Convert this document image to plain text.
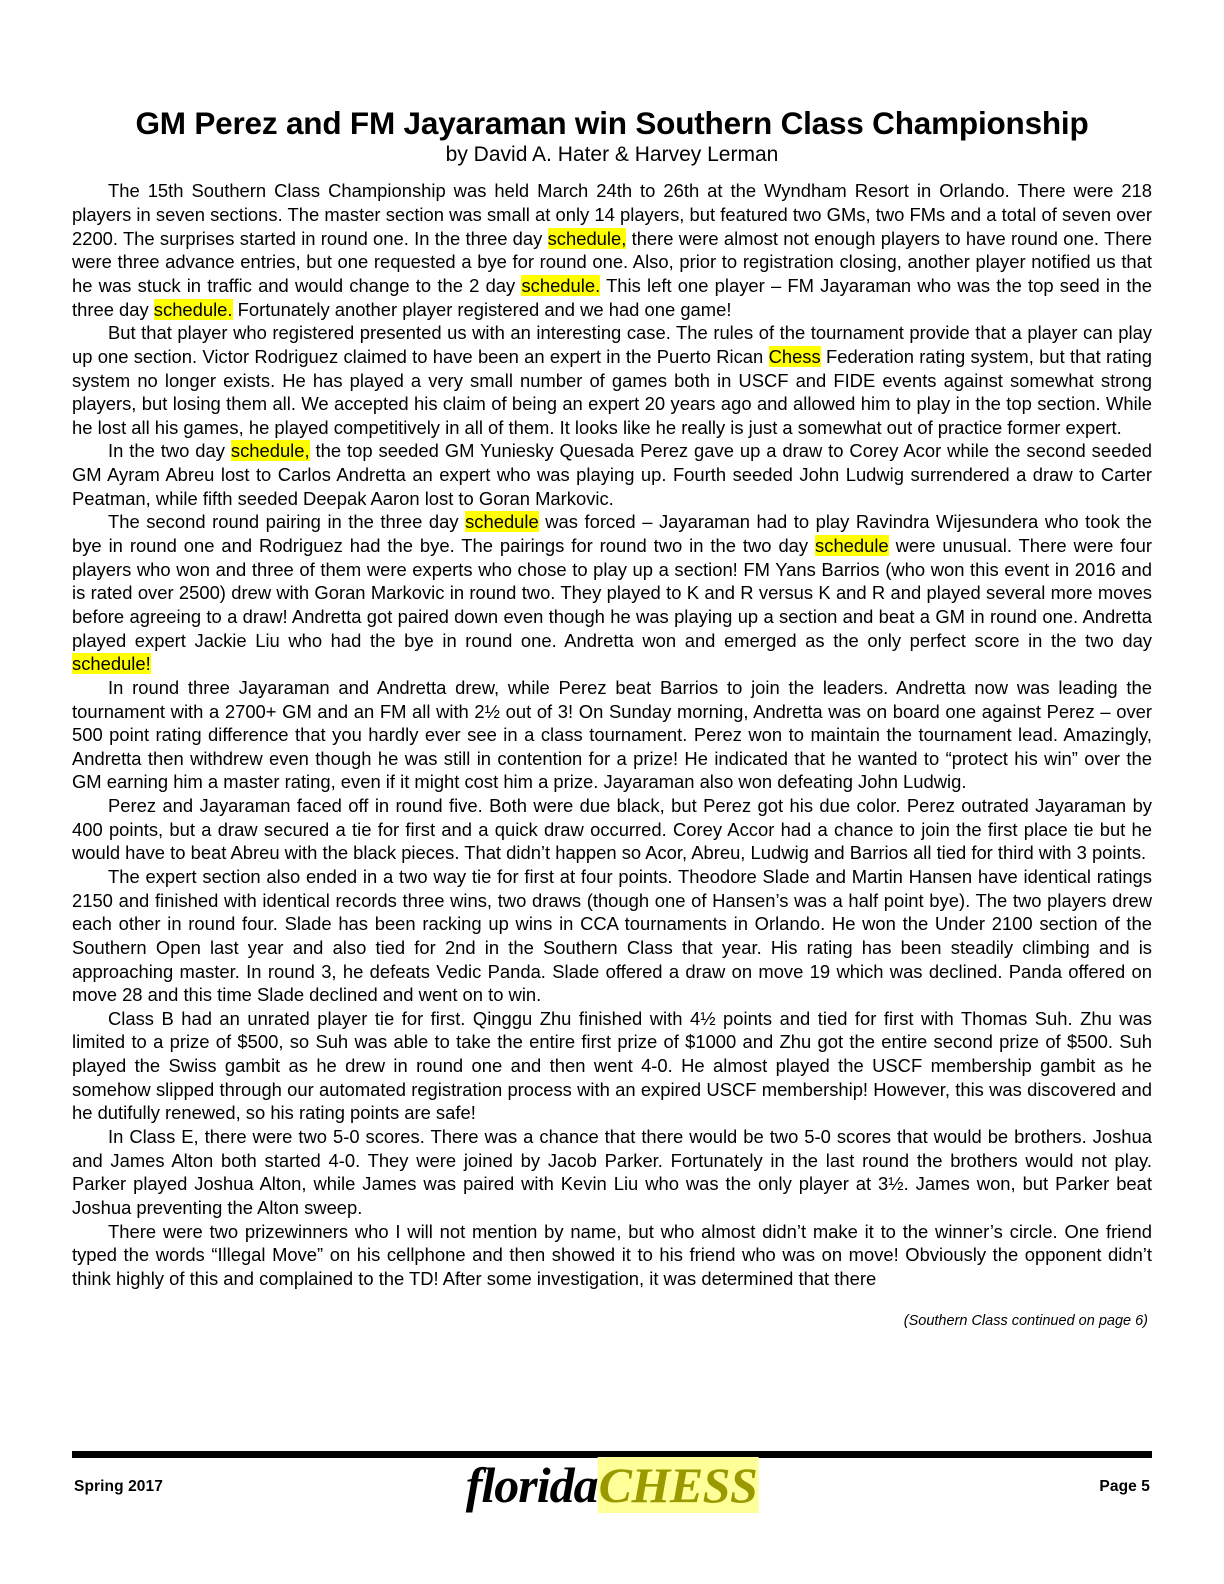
GM Perez and FM Jayaraman win Southern Class Championship
by David A. Hater & Harvey Lerman

The 15th Southern Class Championship was held March 24th to 26th at the Wyndham Resort in Orlando. There were 218 players in seven sections. The master section was small at only 14 players, but featured two GMs, two FMs and a total of seven over 2200. The surprises started in round one. In the three day schedule, there were almost not enough players to have round one. There were three advance entries, but one requested a bye for round one. Also, prior to registration closing, another player notified us that he was stuck in traffic and would change to the 2 day schedule. This left one player – FM Jayaraman who was the top seed in the three day schedule. Fortunately another player registered and we had one game!

But that player who registered presented us with an interesting case. The rules of the tournament provide that a player can play up one section. Victor Rodriguez claimed to have been an expert in the Puerto Rican Chess Federation rating system, but that rating system no longer exists. He has played a very small number of games both in USCF and FIDE events against somewhat strong players, but losing them all. We accepted his claim of being an expert 20 years ago and allowed him to play in the top section. While he lost all his games, he played competitively in all of them. It looks like he really is just a somewhat out of practice former expert.

In the two day schedule, the top seeded GM Yuniesky Quesada Perez gave up a draw to Corey Acor while the second seeded GM Ayram Abreu lost to Carlos Andretta an expert who was playing up. Fourth seeded John Ludwig surrendered a draw to Carter Peatman, while fifth seeded Deepak Aaron lost to Goran Markovic.

The second round pairing in the three day schedule was forced – Jayaraman had to play Ravindra Wijesundera who took the bye in round one and Rodriguez had the bye. The pairings for round two in the two day schedule were unusual. There were four players who won and three of them were experts who chose to play up a section! FM Yans Barrios (who won this event in 2016 and is rated over 2500) drew with Goran Markovic in round two. They played to K and R versus K and R and played several more moves before agreeing to a draw! Andretta got paired down even though he was playing up a section and beat a GM in round one. Andretta played expert Jackie Liu who had the bye in round one. Andretta won and emerged as the only perfect score in the two day schedule!

In round three Jayaraman and Andretta drew, while Perez beat Barrios to join the leaders. Andretta now was leading the tournament with a 2700+ GM and an FM all with 2½ out of 3! On Sunday morning, Andretta was on board one against Perez – over 500 point rating difference that you hardly ever see in a class tournament. Perez won to maintain the tournament lead. Amazingly, Andretta then withdrew even though he was still in contention for a prize! He indicated that he wanted to “protect his win” over the GM earning him a master rating, even if it might cost him a prize. Jayaraman also won defeating John Ludwig.

Perez and Jayaraman faced off in round five. Both were due black, but Perez got his due color. Perez outrated Jayaraman by 400 points, but a draw secured a tie for first and a quick draw occurred. Corey Accor had a chance to join the first place tie but he would have to beat Abreu with the black pieces. That didn’t happen so Acor, Abreu, Ludwig and Barrios all tied for third with 3 points.

The expert section also ended in a two way tie for first at four points. Theodore Slade and Martin Hansen have identical ratings 2150 and finished with identical records three wins, two draws (though one of Hansen’s was a half point bye). The two players drew each other in round four. Slade has been racking up wins in CCA tournaments in Orlando. He won the Under 2100 section of the Southern Open last year and also tied for 2nd in the Southern Class that year. His rating has been steadily climbing and is approaching master. In round 3, he defeats Vedic Panda. Slade offered a draw on move 19 which was declined. Panda offered on move 28 and this time Slade declined and went on to win.

Class B had an unrated player tie for first. Qinggu Zhu finished with 4½ points and tied for first with Thomas Suh. Zhu was limited to a prize of $500, so Suh was able to take the entire first prize of $1000 and Zhu got the entire second prize of $500. Suh played the Swiss gambit as he drew in round one and then went 4-0. He almost played the USCF membership gambit as he somehow slipped through our automated registration process with an expired USCF membership! However, this was discovered and he dutifully renewed, so his rating points are safe!

In Class E, there were two 5-0 scores. There was a chance that there would be two 5-0 scores that would be brothers. Joshua and James Alton both started 4-0. They were joined by Jacob Parker. Fortunately in the last round the brothers would not play. Parker played Joshua Alton, while James was paired with Kevin Liu who was the only player at 3½. James won, but Parker beat Joshua preventing the Alton sweep.

There were two prizewinners who I will not mention by name, but who almost didn’t make it to the winner’s circle. One friend typed the words “Illegal Move” on his cellphone and then showed it to his friend who was on move! Obviously the opponent didn’t think highly of this and complained to the TD! After some investigation, it was determined that there

(Southern Class continued on page 6)
Spring 2017	floridaCHESS	Page 5
